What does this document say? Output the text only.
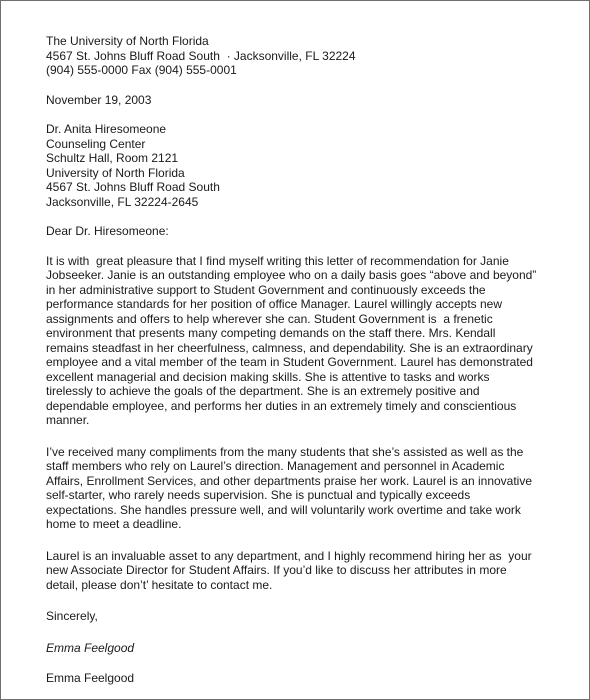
The University of North Florida
4567 St. Johns Bluff Road South  · Jacksonville, FL 32224
(904) 555-0000 Fax (904) 555-0001
November 19, 2003
Dr. Anita Hiresomeone
Counseling Center
Schultz Hall, Room 2121
University of North Florida
4567 St. Johns Bluff Road South
Jacksonville, FL 32224-2645
Dear Dr. Hiresomeone:
It is with  great pleasure that I find myself writing this letter of recommendation for Janie
Jobseeker. Janie is an outstanding employee who on a daily basis goes “above and beyond”
in her administrative support to Student Government and continuously exceeds the
performance standards for her position of office Manager. Laurel willingly accepts new
assignments and offers to help wherever she can. Student Government is  a frenetic
environment that presents many competing demands on the staff there. Mrs. Kendall
remains steadfast in her cheerfulness, calmness, and dependability. She is an extraordinary
employee and a vital member of the team in Student Government. Laurel has demonstrated
excellent managerial and decision making skills. She is attentive to tasks and works
tirelessly to achieve the goals of the department. She is an extremely positive and
dependable employee, and performs her duties in an extremely timely and conscientious
manner.
I’ve received many compliments from the many students that she’s assisted as well as the
staff members who rely on Laurel’s direction. Management and personnel in Academic
Affairs, Enrollment Services, and other departments praise her work. Laurel is an innovative
self-starter, who rarely needs supervision. She is punctual and typically exceeds
expectations. She handles pressure well, and will voluntarily work overtime and take work
home to meet a deadline.
Laurel is an invaluable asset to any department, and I highly recommend hiring her as  your
new Associate Director for Student Affairs. If you’d like to discuss her attributes in more
detail, please don’t’ hesitate to contact me.
Sincerely,
Emma Feelgood
Emma Feelgood
